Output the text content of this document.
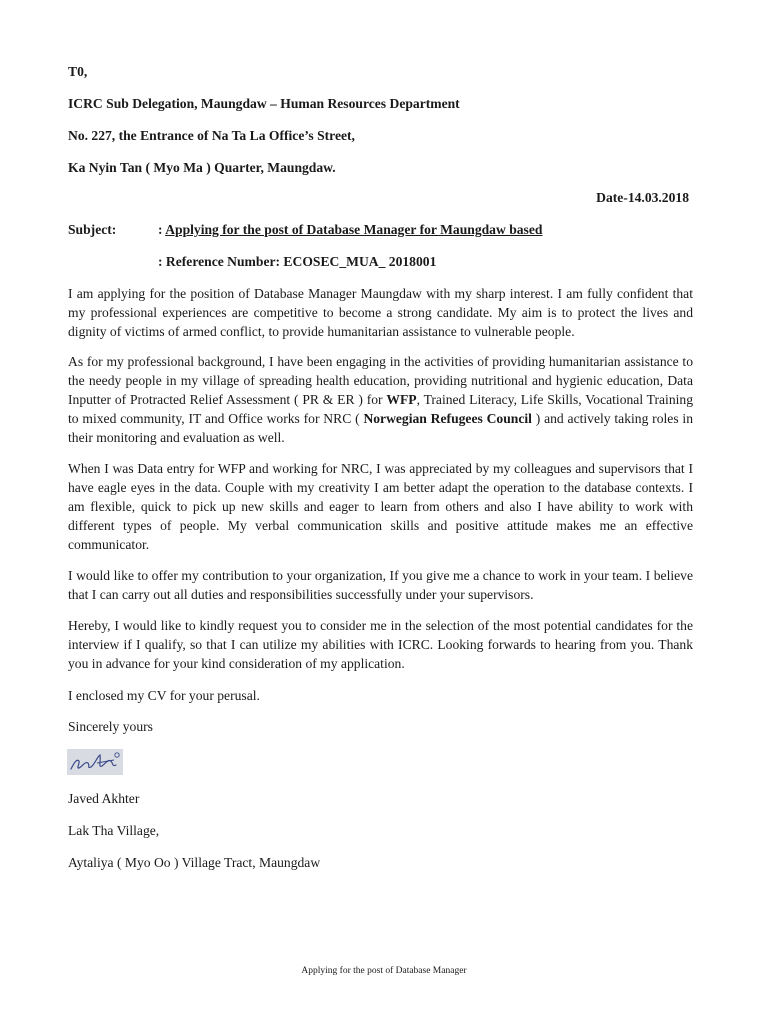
T0,
ICRC Sub Delegation, Maungdaw – Human Resources Department
No. 227, the Entrance of Na Ta La Office’s Street,
Ka Nyin Tan ( Myo Ma ) Quarter, Maungdaw.
Date-14.03.2018
Subject:	: Applying for the post of Database Manager for Maungdaw based
: Reference Number: ECOSEC_MUA_ 2018001

I am applying for the position of Database Manager Maungdaw with my sharp interest. I am fully confident that my professional experiences are competitive to become a strong candidate. My aim is to protect the lives and dignity of victims of armed conflict, to provide humanitarian assistance to vulnerable people.

As for my professional background, I have been engaging in the activities of providing humanitarian assistance to the needy people in my village of spreading health education, providing nutritional and hygienic education, Data Inputter of Protracted Relief Assessment ( PR & ER ) for WFP, Trained Literacy, Life Skills, Vocational Training to mixed community, IT and Office works for NRC ( Norwegian Refugees Council ) and actively taking roles in their monitoring and evaluation as well.

When I was Data entry for WFP and working for NRC, I was appreciated by my colleagues and supervisors that I have eagle eyes in the data. Couple with my creativity I am better adapt the operation to the database contexts. I am flexible, quick to pick up new skills and eager to learn from others and also I have ability to work with different types of people. My verbal communication skills and positive attitude makes me an effective communicator.

I would like to offer my contribution to your organization, If you give me a chance to work in your team. I believe that I can carry out all duties and responsibilities successfully under your supervisors.

Hereby, I would like to kindly request you to consider me in the selection of the most potential candidates for the interview if I qualify, so that I can utilize my abilities with ICRC. Looking forwards to hearing from you. Thank you in advance for your kind consideration of my application.

I enclosed my CV for your perusal.
Sincerely yours
Javed Akhter
Lak Tha Village,
Aytaliya ( Myo Oo ) Village Tract, Maungdaw
Applying for the post of Database Manager
